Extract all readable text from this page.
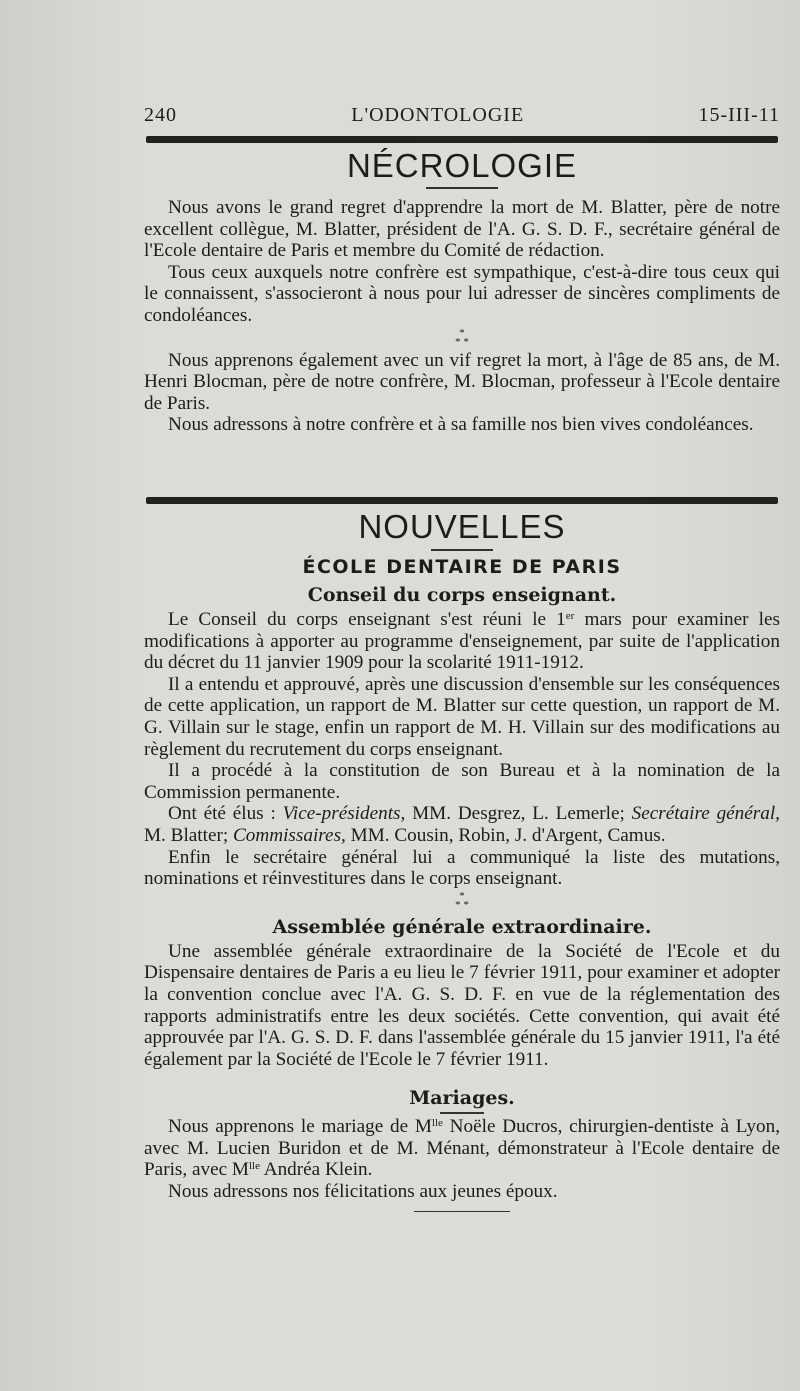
240	L'ODONTOLOGIE	15-III-11
NÉCROLOGIE

Nous avons le grand regret d'apprendre la mort de M. Blatter, père de notre excellent collègue, M. Blatter, président de l'A. G. S. D. F., secrétaire général de l'Ecole dentaire de Paris et membre du Comité de rédaction.

Tous ceux auxquels notre confrère est sympathique, c'est-à-dire tous ceux qui le connaissent, s'associeront à nous pour lui adresser de sincères compliments de condoléances.

*
* *

Nous apprenons également avec un vif regret la mort, à l'âge de 85 ans, de M. Henri Blocman, père de notre confrère, M. Blocman, professeur à l'Ecole dentaire de Paris.

Nous adressons à notre confrère et à sa famille nos bien vives condoléances.

NOUVELLES
ÉCOLE DENTAIRE DE PARIS
Conseil du corps enseignant.

Le Conseil du corps enseignant s'est réuni le 1er mars pour examiner les modifications à apporter au programme d'enseignement, par suite de l'application du décret du 11 janvier 1909 pour la scolarité 1911-1912.

Il a entendu et approuvé, après une discussion d'ensemble sur les conséquences de cette application, un rapport de M. Blatter sur cette question, un rapport de M. G. Villain sur le stage, enfin un rapport de M. H. Villain sur des modifications au règlement du recrutement du corps enseignant.

Il a procédé à la constitution de son Bureau et à la nomination de la Commission permanente.

Ont été élus : Vice-présidents, MM. Desgrez, L. Lemerle; Secrétaire général, M. Blatter; Commissaires, MM. Cousin, Robin, J. d'Argent, Camus.

Enfin le secrétaire général lui a communiqué la liste des mutations, nominations et réinvestitures dans le corps enseignant.

*
* *
Assemblée générale extraordinaire.

Une assemblée générale extraordinaire de la Société de l'Ecole et du Dispensaire dentaires de Paris a eu lieu le 7 février 1911, pour examiner et adopter la convention conclue avec l'A. G. S. D. F. en vue de la réglementation des rapports administratifs entre les deux sociétés. Cette convention, qui avait été approuvée par l'A. G. S. D. F. dans l'assemblée générale du 15 janvier 1911, l'a été également par la Société de l'Ecole le 7 février 1911.

Mariages.

Nous apprenons le mariage de $M^{lle}$ Noële Ducros, chirurgien-dentiste à Lyon, avec M. Lucien Buridon et de M. Ménant, démonstrateur à l'Ecole dentaire de Paris, avec $M^{lle}$ Andréa Klein.

Nous adressons nos félicitations aux jeunes époux.
